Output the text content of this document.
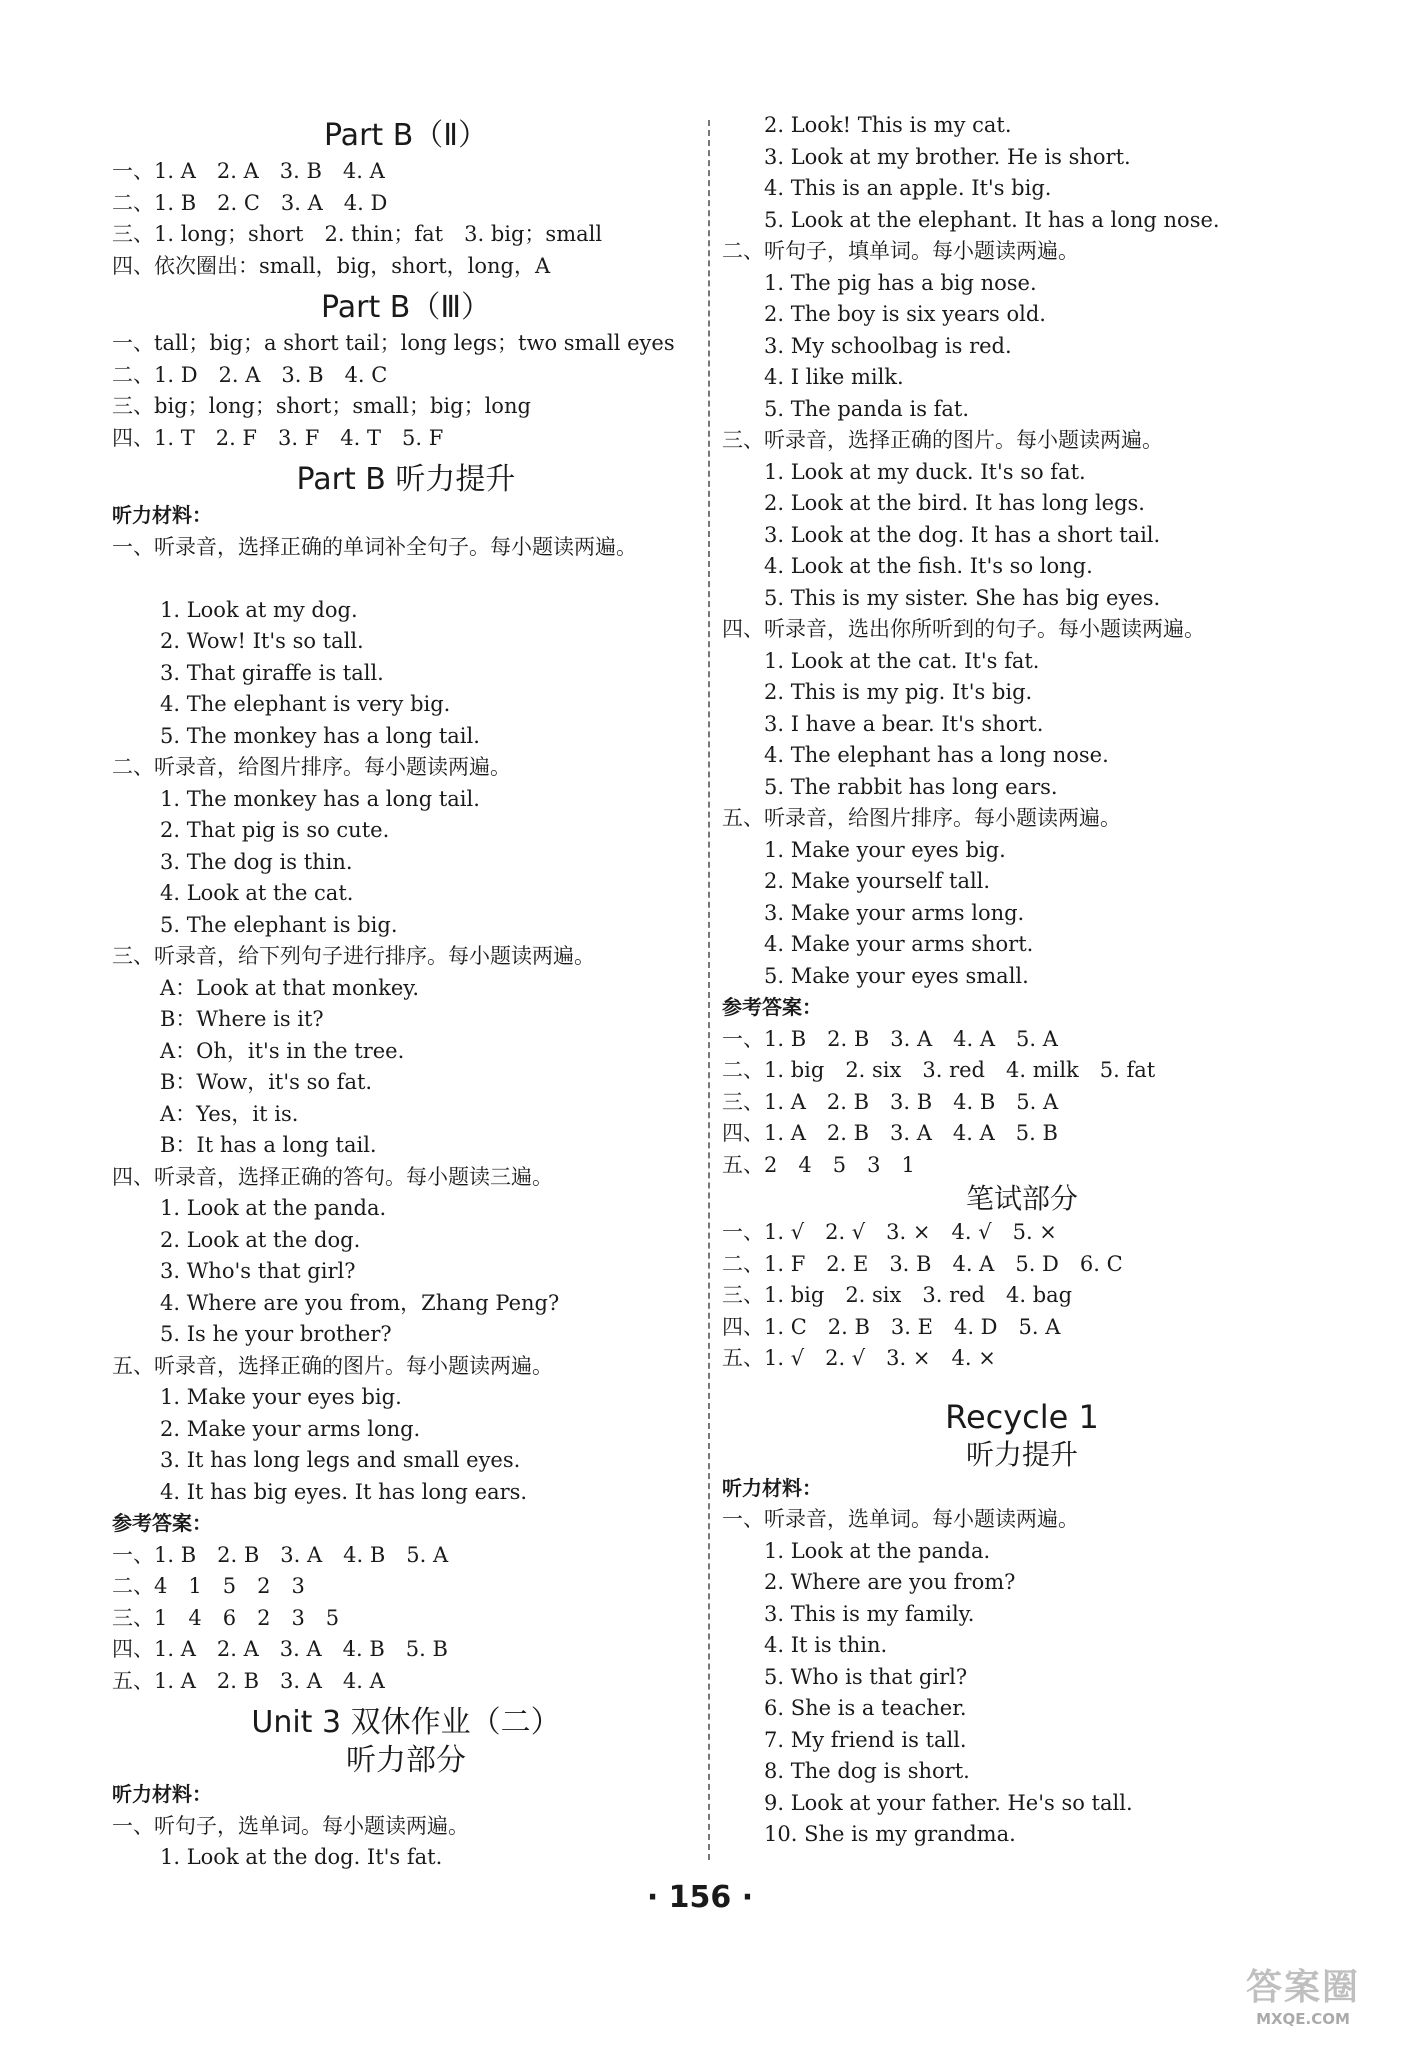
Part B（Ⅱ）
一、1. A　2. A　3. B　4. A
二、1. B　2. C　3. A　4. D
三、1. long；short　2. thin；fat　3. big；small
四、依次圈出：small，big，short，long，A
Part B（Ⅲ）
一、tall；big；a short tail；long legs；two small eyes
二、1. D　2. A　3. B　4. C
三、big；long；short；small；big；long
四、1. T　2. F　3. F　4. T　5. F
Part B 听力提升
听力材料：
一、听录音，选择正确的单词补全句子。每小题读两遍。
1. Look at my dog.
2. Wow! It's so tall.
3. That giraffe is tall.
4. The elephant is very big.
5. The monkey has a long tail.
二、听录音，给图片排序。每小题读两遍。
1. The monkey has a long tail.
2. That pig is so cute.
3. The dog is thin.
4. Look at the cat.
5. The elephant is big.
三、听录音，给下列句子进行排序。每小题读两遍。
A：Look at that monkey.
B：Where is it?
A：Oh，it's in the tree.
B：Wow，it's so fat.
A：Yes，it is.
B：It has a long tail.
四、听录音，选择正确的答句。每小题读三遍。
1. Look at the panda.
2. Look at the dog.
3. Who's that girl?
4. Where are you from，Zhang Peng?
5. Is he your brother?
五、听录音，选择正确的图片。每小题读两遍。
1. Make your eyes big.
2. Make your arms long.
3. It has long legs and small eyes.
4. It has big eyes. It has long ears.
参考答案：
一、1. B　2. B　3. A　4. B　5. A
二、4　1　5　2　3
三、1　4　6　2　3　5
四、1. A　2. A　3. A　4. B　5. B
五、1. A　2. B　3. A　4. A
Unit 3 双休作业（二）
听力部分
听力材料：
一、听句子，选单词。每小题读两遍。
1. Look at the dog. It's fat.
2. Look! This is my cat.
3. Look at my brother. He is short.
4. This is an apple. It's big.
5. Look at the elephant. It has a long nose.
二、听句子，填单词。每小题读两遍。
1. The pig has a big nose.
2. The boy is six years old.
3. My schoolbag is red.
4. I like milk.
5. The panda is fat.
三、听录音，选择正确的图片。每小题读两遍。
1. Look at my duck. It's so fat.
2. Look at the bird. It has long legs.
3. Look at the dog. It has a short tail.
4. Look at the fish. It's so long.
5. This is my sister. She has big eyes.
四、听录音，选出你所听到的句子。每小题读两遍。
1. Look at the cat. It's fat.
2. This is my pig. It's big.
3. I have a bear. It's short.
4. The elephant has a long nose.
5. The rabbit has long ears.
五、听录音，给图片排序。每小题读两遍。
1. Make your eyes big.
2. Make yourself tall.
3. Make your arms long.
4. Make your arms short.
5. Make your eyes small.
参考答案：
一、1. B　2. B　3. A　4. A　5. A
二、1. big　2. six　3. red　4. milk　5. fat
三、1. A　2. B　3. B　4. B　5. A
四、1. A　2. B　3. A　4. A　5. B
五、2　4　5　3　1
笔试部分
一、1. √　2. √　3. ×　4. √　5. ×
二、1. F　2. E　3. B　4. A　5. D　6. C
三、1. big　2. six　3. red　4. bag
四、1. C　2. B　3. E　4. D　5. A
五、1. √　2. √　3. ×　4. ×
Recycle 1
听力提升
听力材料：
一、听录音，选单词。每小题读两遍。
1. Look at the panda.
2. Where are you from?
3. This is my family.
4. It is thin.
5. Who is that girl?
6. She is a teacher.
7. My friend is tall.
8. The dog is short.
9. Look at your father. He's so tall.
10. She is my grandma.
· 156 ·
答案圈
MXQE.COM
